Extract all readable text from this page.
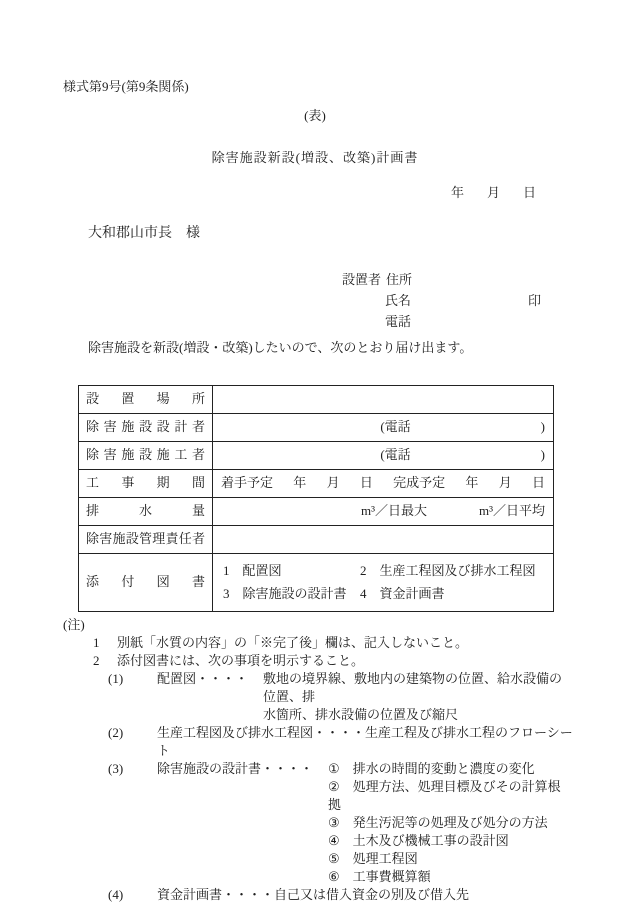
様式第9号(第9条関係)
(表)
除害施設新設(増設、改築)計画書
年 月 日
大和郡山市長　様
設置者 住所
氏名	印
電話
除害施設を新設(増設・改築)したいので、次のとおり届け出ます。
設置場所	
除害施設設計者	(電話 )

除害施設施工者	(電話 )

工事期間	着手予定 年 月 日 完成予定 年 月 日

排水量	m³／日最大 m³／日平均

除害施設管理責任者	
添付図書	1 配置図 2 生産工程図及び排水工程図
3 除害施設の設計書 4 資金計画書
(注)
1	別紙「水質の内容」の「※完了後」欄は、記入しないこと。
2	添付図書には、次の事項を明示すること。
(1)	配置図・・・・ 敷地の境界線、敷地内の建築物の位置、給水設備の位置、排
水箇所、排水設備の位置及び縮尺
(2)	生産工程図及び排水工程図・・・・生産工程及び排水工程のフローシート
(3)	除害施設の設計書・・・・ ① 排水の時間的変動と濃度の変化
② 処理方法、処理目標及びその計算根拠
③ 発生汚泥等の処理及び処分の方法
④ 土木及び機械工事の設計図
⑤ 処理工程図
⑥ 工事費概算額
(4)	資金計画書・・・・自己又は借入資金の別及び借入先
